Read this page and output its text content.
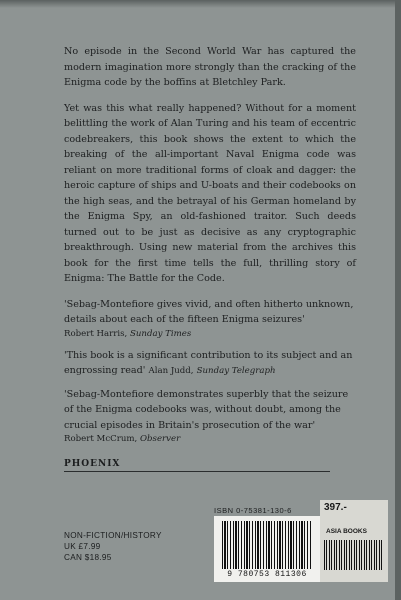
No episode in the Second World War has captured the modern imagination more strongly than the cracking of the Enigma code by the boffins at Bletchley Park.

Yet was this what really happened? Without for a moment belittling the work of Alan Turing and his team of eccentric codebreakers, this book shows the extent to which the breaking of the all-important Naval Enigma code was reliant on more traditional forms of cloak and dagger: the heroic capture of ships and U-boats and their codebooks on the high seas, and the betrayal of his German homeland by the Enigma Spy, an old-fashioned traitor. Such deeds turned out to be just as decisive as any cryptographic breakthrough. Using new material from the archives this book for the first time tells the full, thrilling story of Enigma: The Battle for the Code.

'Sebag-Montefiore gives vivid, and often hitherto unknown, details about each of the fifteen Enigma seizures'
Robert Harris, Sunday Times
'This book is a significant contribution to its subject and an engrossing read' Alan Judd, Sunday Telegraph
'Sebag-Montefiore demonstrates superbly that the seizure of the Enigma codebooks was, without doubt, among the crucial episodes in Britain's prosecution of the war'
Robert McCrum, Observer
PHOENIX
NON-FICTION/HISTORY
UK £7.99
CAN $18.95
ISBN 0-75381-130-6
9 780753 811306
397.-
ASIA BOOKS
